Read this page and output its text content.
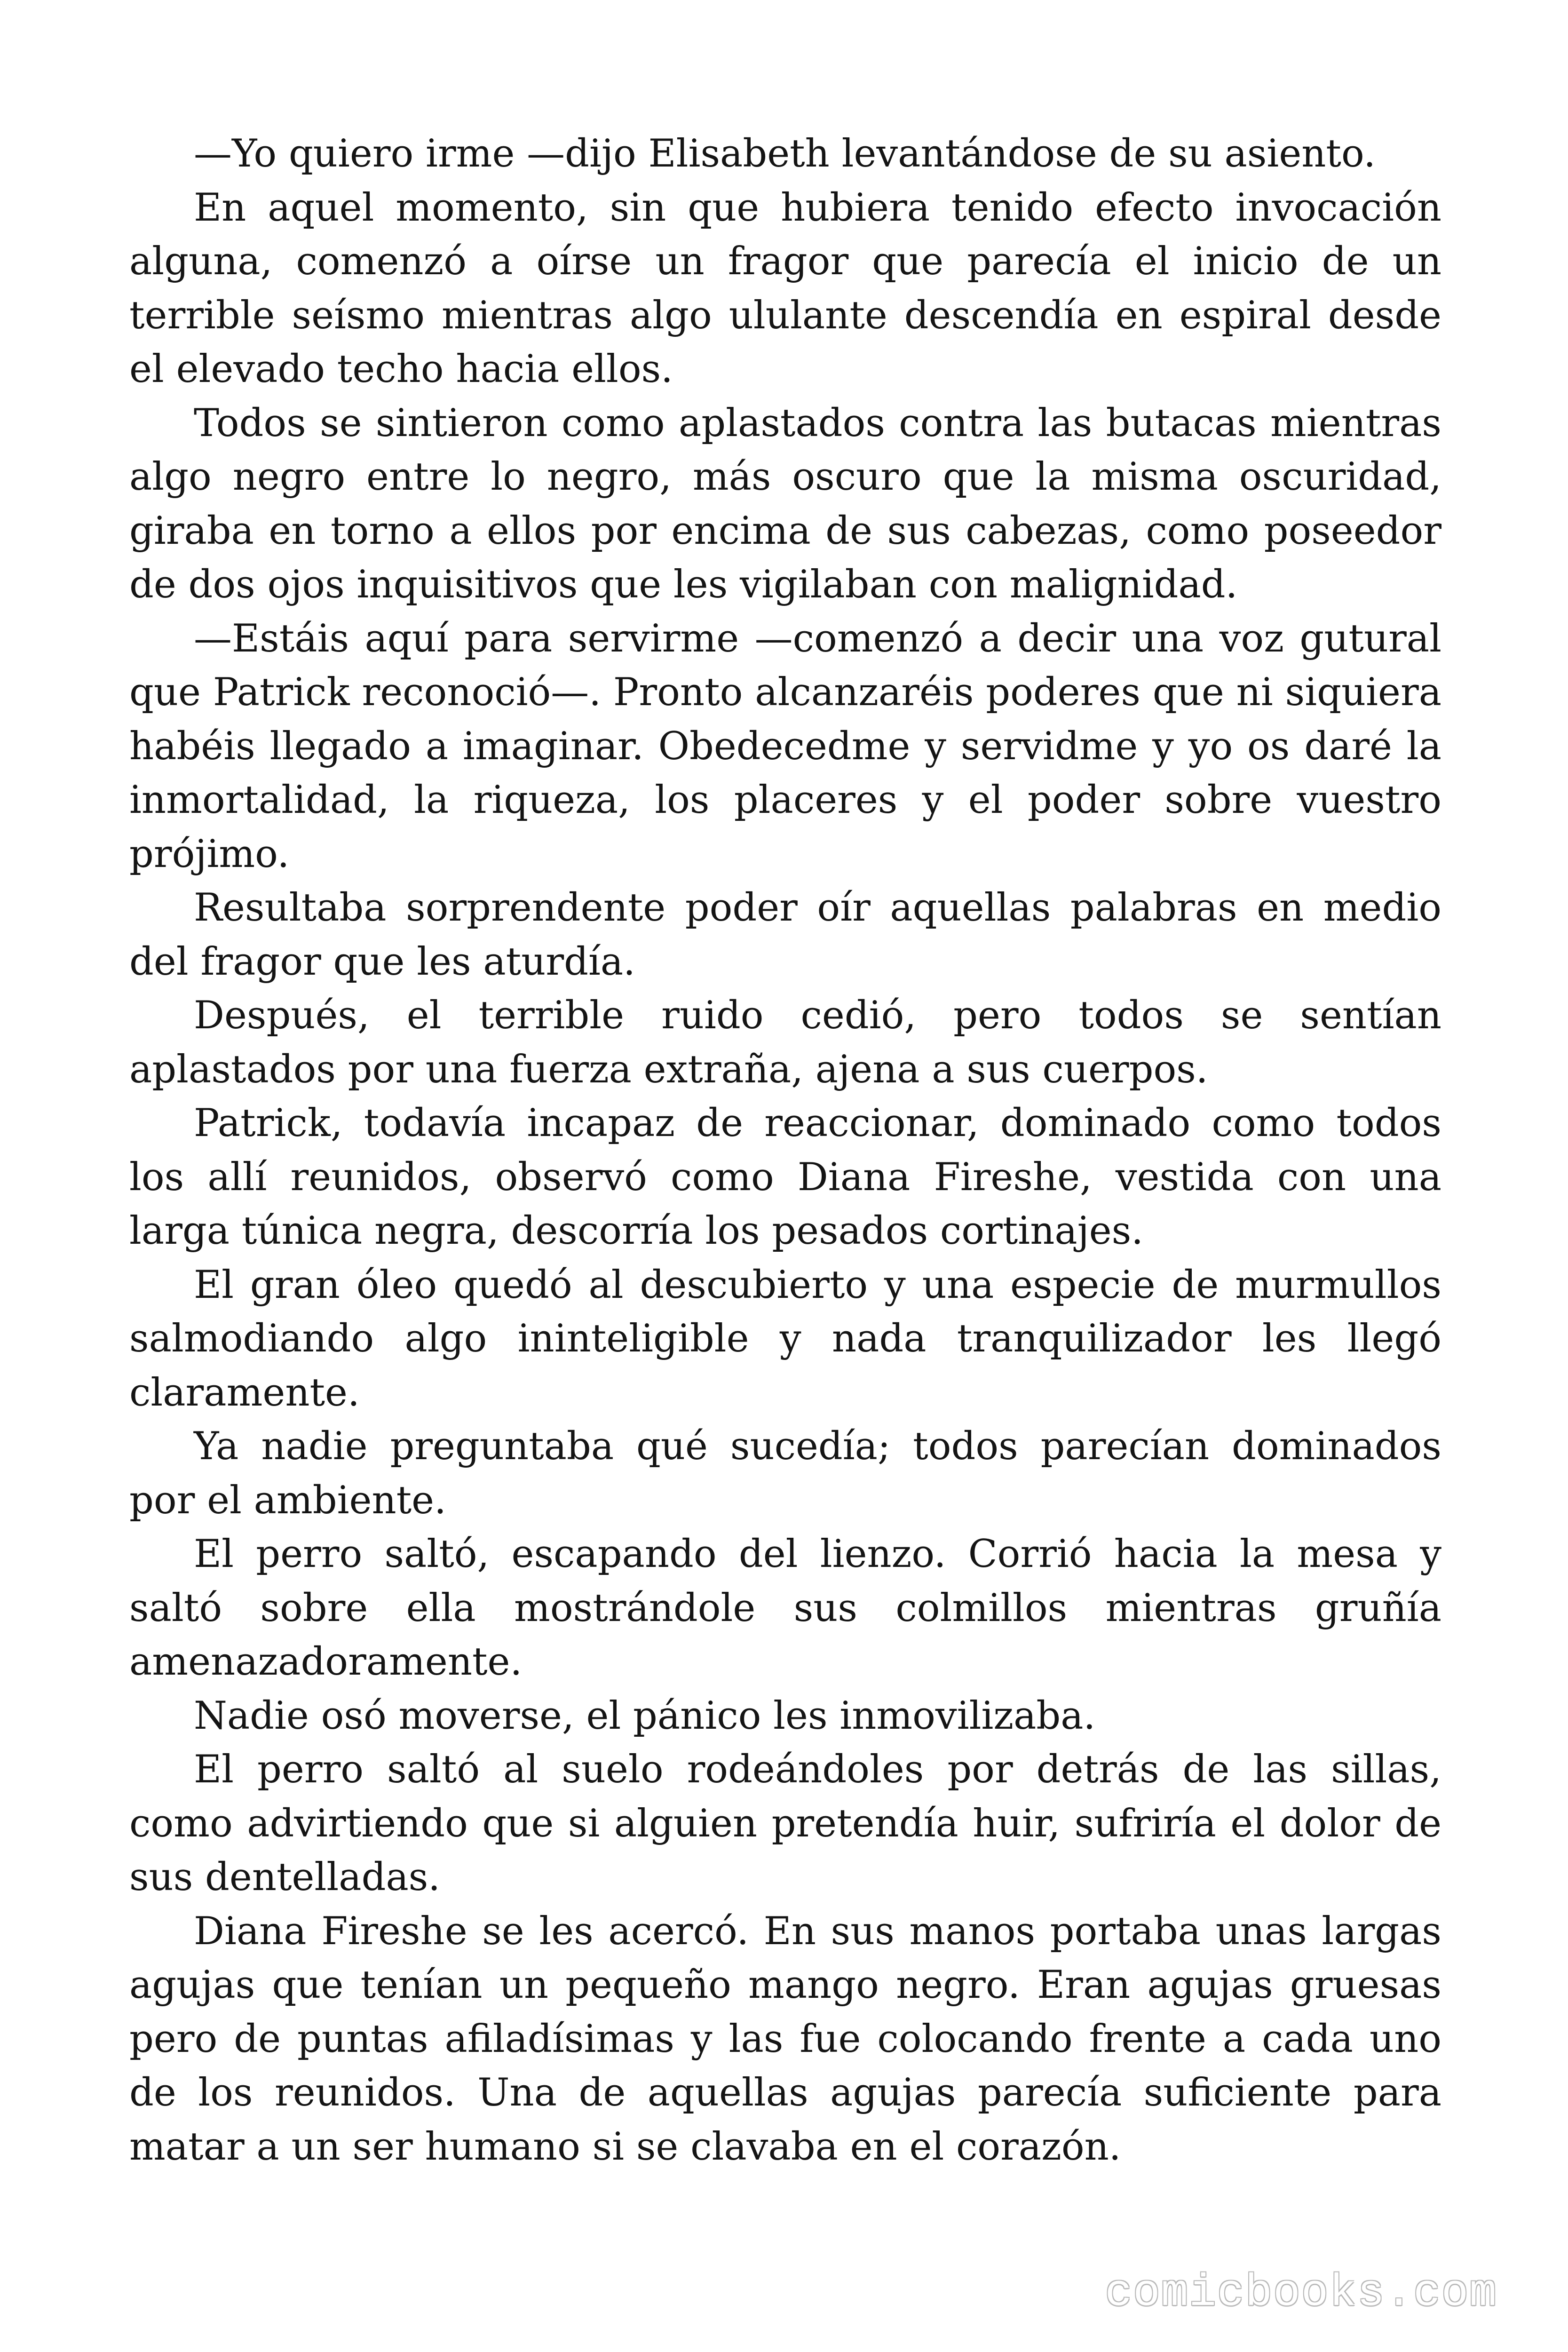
—Yo quiero irme —dijo Elisabeth levantándose de su asiento.

En aquel momento, sin que hubiera tenido efecto invocación alguna, comenzó a oírse un fragor que parecía el inicio de un terrible seísmo mientras algo ululante descendía en espiral desde el elevado techo hacia ellos.

Todos se sintieron como aplastados contra las butacas mientras algo negro entre lo negro, más oscuro que la misma oscuridad, giraba en torno a ellos por encima de sus cabezas, como poseedor de dos ojos inquisitivos que les vigilaban con malignidad.

—Estáis aquí para servirme —comenzó a decir una voz gutural que Patrick reconoció—. Pronto alcanzaréis poderes que ni siquiera habéis llegado a imaginar. Obedecedme y servidme y yo os daré la inmortalidad, la riqueza, los placeres y el poder sobre vuestro prójimo.

Resultaba sorprendente poder oír aquellas palabras en medio del fragor que les aturdía.

Después, el terrible ruido cedió, pero todos se sentían aplastados por una fuerza extraña, ajena a sus cuerpos.

Patrick, todavía incapaz de reaccionar, dominado como todos los allí reunidos, observó como Diana Fireshe, vestida con una larga túnica negra, descorría los pesados cortinajes.

El gran óleo quedó al descubierto y una especie de murmullos salmodiando algo ininteligible y nada tranquilizador les llegó claramente.

Ya nadie preguntaba qué sucedía; todos parecían dominados por el ambiente.

El perro saltó, escapando del lienzo. Corrió hacia la mesa y saltó sobre ella mostrándole sus colmillos mientras gruñía amenazadoramente.

Nadie osó moverse, el pánico les inmovilizaba.

El perro saltó al suelo rodeándoles por detrás de las sillas, como advirtiendo que si alguien pretendía huir, sufriría el dolor de sus dentelladas.

Diana Fireshe se les acercó. En sus manos portaba unas largas agujas que tenían un pequeño mango negro. Eran agujas gruesas pero de puntas afiladísimas y las fue colocando frente a cada uno de los reunidos. Una de aquellas agujas parecía suficiente para matar a un ser humano si se clavaba en el corazón.

comicbooks.com
